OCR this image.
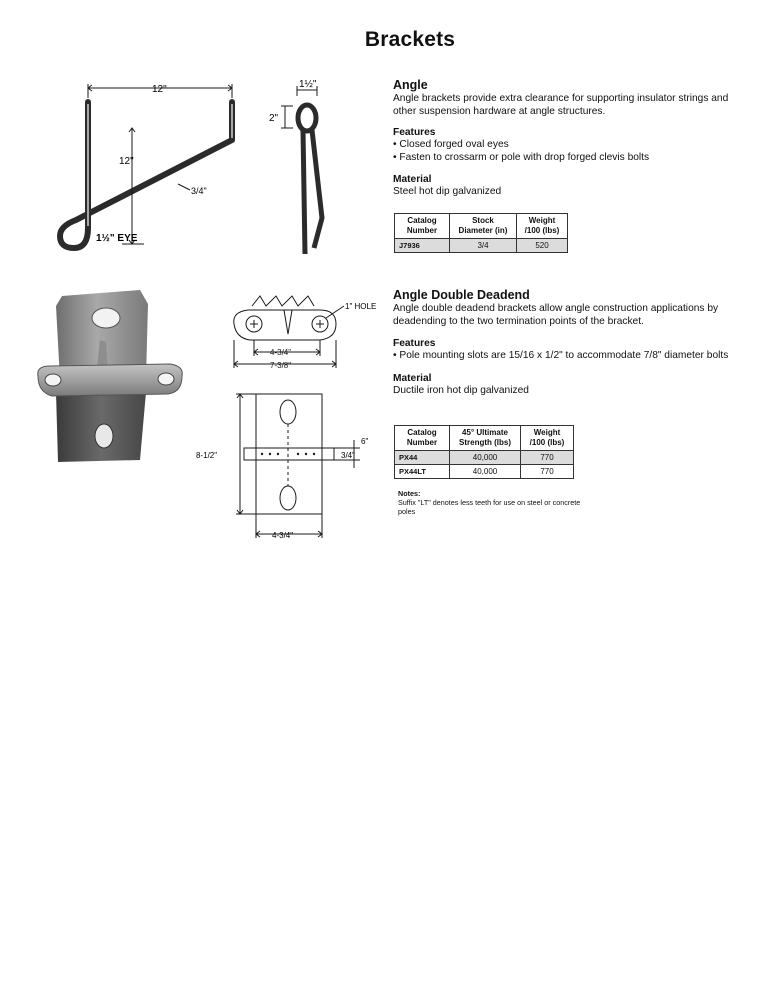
Brackets
12"
12"
3/4"
1½" EYE
1½"
2"
Angle

Angle brackets provide extra clearance for supporting insulator strings and other suspension hardware at angle structures.

Features
• Closed forged oval eyes
• Fasten to crossarm or pole with drop forged clevis bolts
Material

Steel hot dip galvanized

Catalog Number	Stock Diameter (in)	Weight /100 (lbs)
J7936	3/4	520
1" HOLE
4-3/4"
7-3/8"
8-1/2"
6"
3/4"
4-3/4"
Angle Double Deadend

Angle double deadend brackets allow angle construction applications by deadending to the two termination points of the bracket.

Features
• Pole mounting slots are 15/16 x 1/2" to accommodate 7/8" diameter bolts
Material

Ductile iron hot dip galvanized

Catalog Number	45° Ultimate Strength (lbs)	Weight /100 (lbs)
PX44	40,000	770
PX44LT	40,000	770
Notes:
Suffix "LT" denotes less teeth for use on steel or concrete poles
